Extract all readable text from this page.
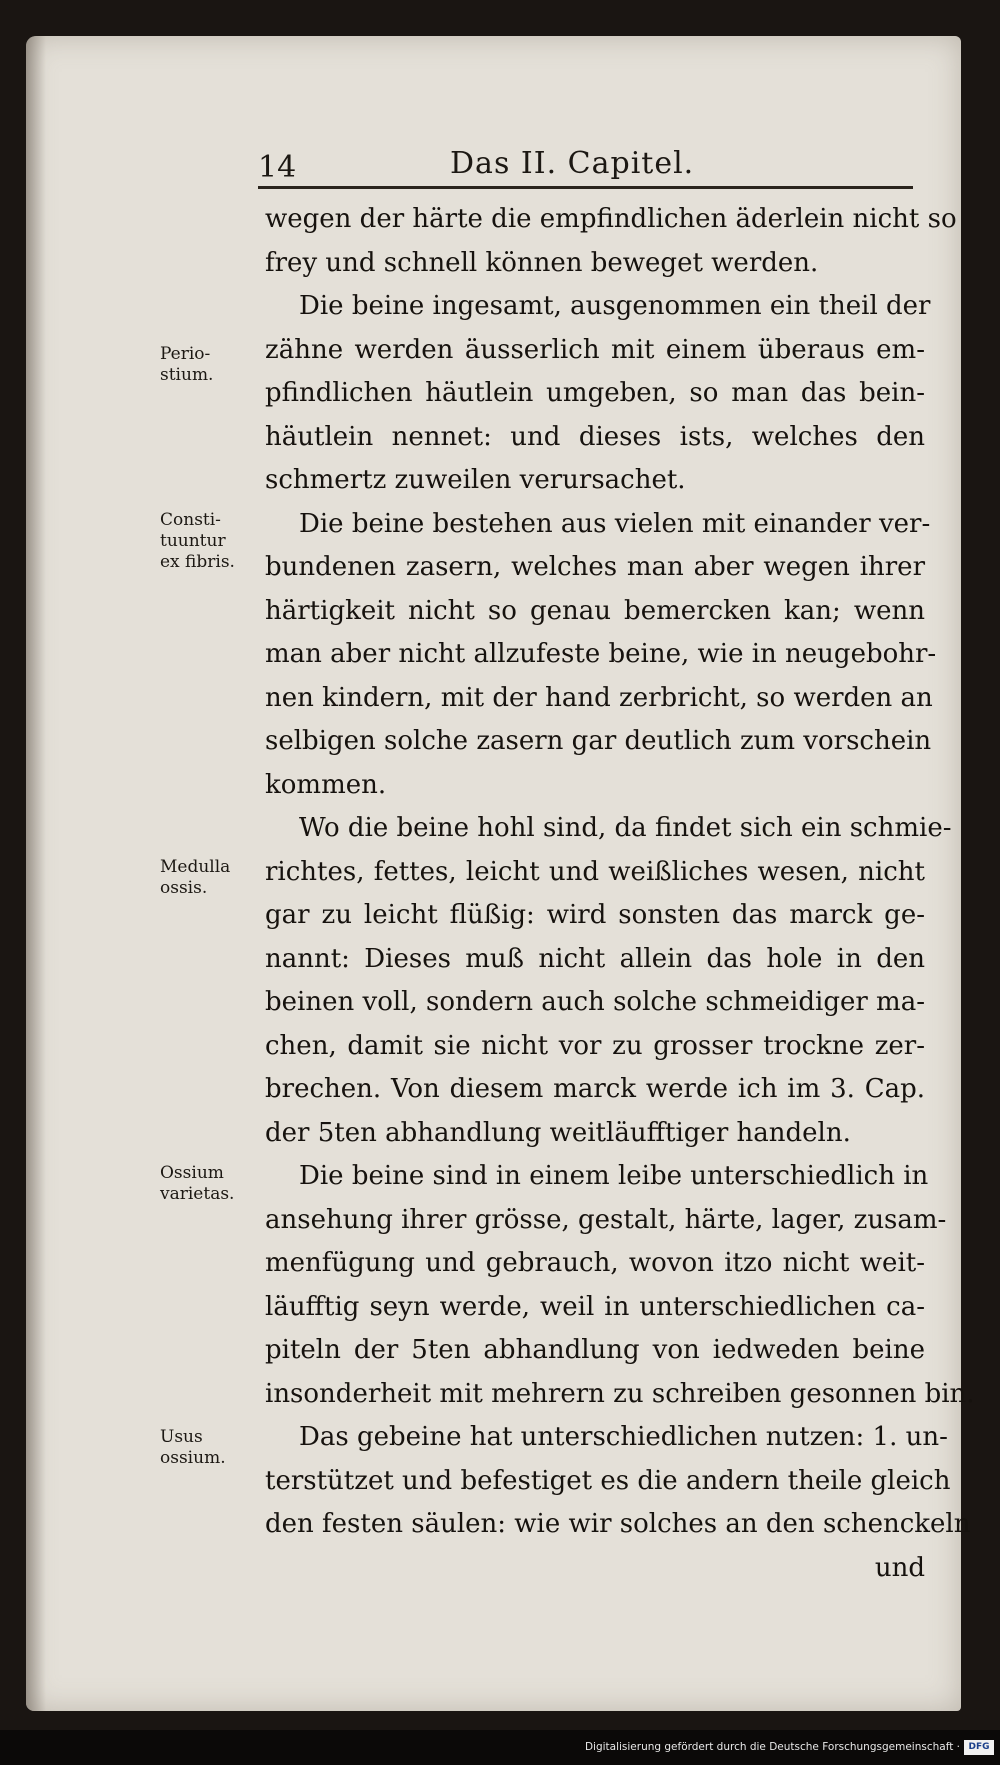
14	Das II. Capitel.
wegen der härte die empfindlichen äderlein nicht so
frey und schnell können beweget werden.
Die beine ingesamt, ausgenommen ein theil der
zähne werden äusserlich mit einem überaus em-
pfindlichen häutlein umgeben, so man das bein-
häutlein nennet: und dieses ists, welches den
schmertz zuweilen verursachet.
Die beine bestehen aus vielen mit einander ver-
bundenen zasern, welches man aber wegen ihrer
härtigkeit nicht so genau bemercken kan; wenn
man aber nicht allzufeste beine, wie in neugebohr-
nen kindern, mit der hand zerbricht, so werden an
selbigen solche zasern gar deutlich zum vorschein
kommen.
Wo die beine hohl sind, da findet sich ein schmie-
richtes, fettes, leicht und weißliches wesen, nicht
gar zu leicht flüßig: wird sonsten das marck ge-
nannt: Dieses muß nicht allein das hole in den
beinen voll, sondern auch solche schmeidiger ma-
chen, damit sie nicht vor zu grosser trockne zer-
brechen. Von diesem marck werde ich im 3. Cap.
der 5ten abhandlung weitläufftiger handeln.
Die beine sind in einem leibe unterschiedlich in
ansehung ihrer grösse, gestalt, härte, lager, zusam-
menfügung und gebrauch, wovon itzo nicht weit-
läufftig seyn werde, weil in unterschiedlichen ca-
piteln der 5ten abhandlung von iedweden beine
insonderheit mit mehrern zu schreiben gesonnen bin.
Das gebeine hat unterschiedlichen nutzen: 1. un-
terstützet und befestiget es die andern theile gleich
den festen säulen: wie wir solches an den schenckeln
und
Perio-
stium.
Consti-
tuuntur
ex fibris.
Medulla
ossis.
Ossium
varietas.
Usus
ossium.
Digitalisierung gefördert durch die Deutsche Forschungsgemeinschaft · DFG
